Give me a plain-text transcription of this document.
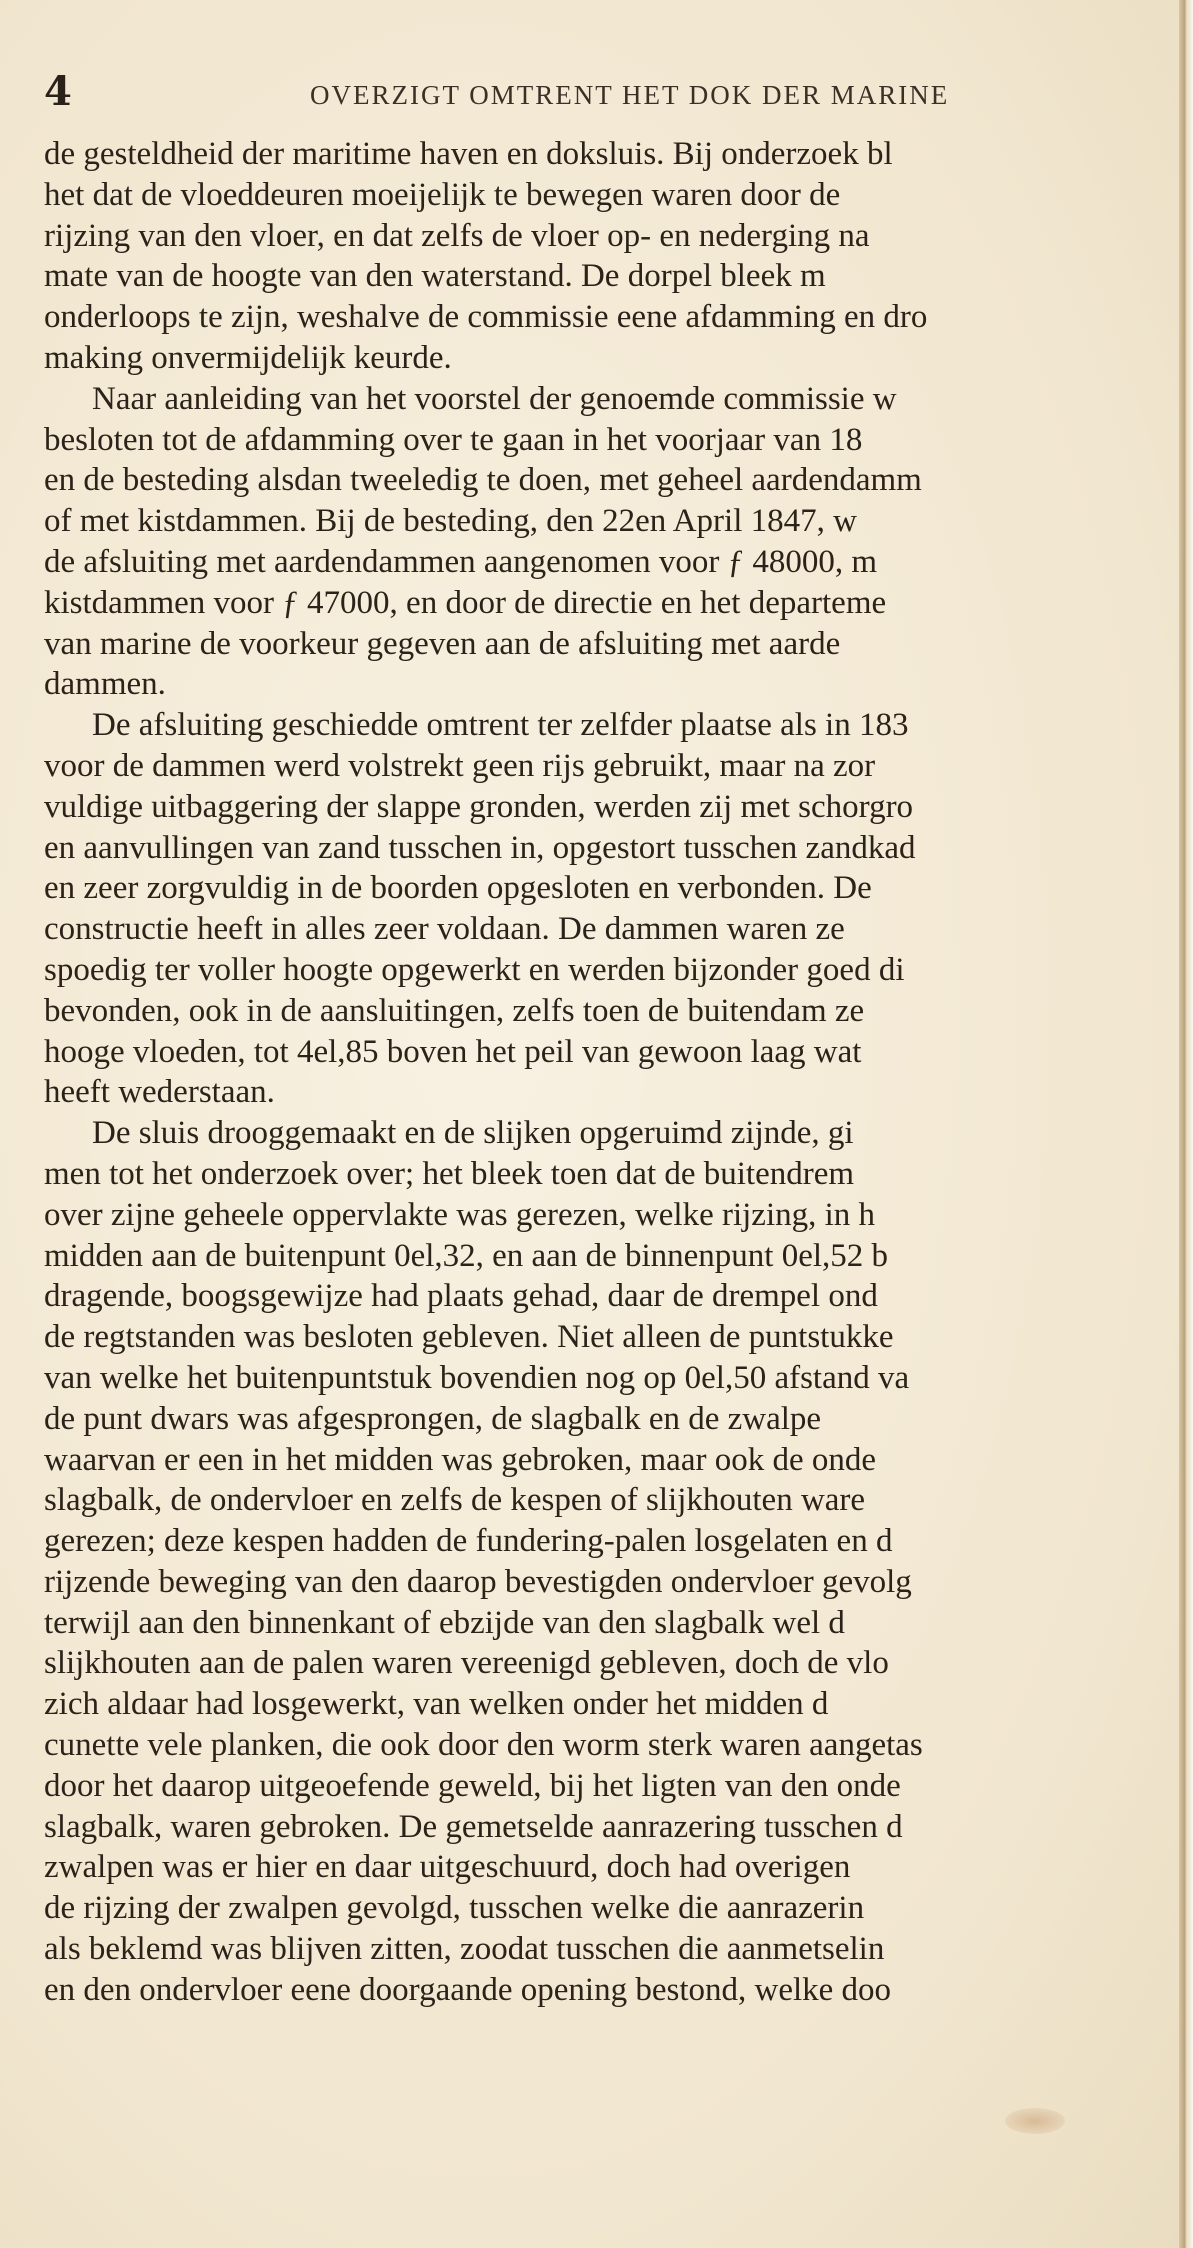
4	OVERZIGT OMTRENT HET DOK DER MARINE
de gesteldheid der maritime haven en doksluis. Bij onderzoek bl
het dat de vloeddeuren moeijelijk te bewegen waren door de
rijzing van den vloer, en dat zelfs de vloer op- en nederging na
mate van de hoogte van den waterstand. De dorpel bleek m
onderloops te zijn, weshalve de commissie eene afdamming en dro
making onvermijdelijk keurde.
Naar aanleiding van het voorstel der genoemde commissie w
besloten tot de afdamming over te gaan in het voorjaar van 18
en de besteding alsdan tweeledig te doen, met geheel aardendamm
of met kistdammen. Bij de besteding, den 22en April 1847, w
de afsluiting met aardendammen aangenomen voor ƒ 48000, m
kistdammen voor ƒ 47000, en door de directie en het departeme
van marine de voorkeur gegeven aan de afsluiting met aarde
dammen.
De afsluiting geschiedde omtrent ter zelfder plaatse als in 183
voor de dammen werd volstrekt geen rijs gebruikt, maar na zor
vuldige uitbaggering der slappe gronden, werden zij met schorgro
en aanvullingen van zand tusschen in, opgestort tusschen zandkad
en zeer zorgvuldig in de boorden opgesloten en verbonden. De
constructie heeft in alles zeer voldaan. De dammen waren ze
spoedig ter voller hoogte opgewerkt en werden bijzonder goed di
bevonden, ook in de aansluitingen, zelfs toen de buitendam ze
hooge vloeden, tot 4el,85 boven het peil van gewoon laag wat
heeft wederstaan.
De sluis drooggemaakt en de slijken opgeruimd zijnde, gi
men tot het onderzoek over; het bleek toen dat de buitendrem
over zijne geheele oppervlakte was gerezen, welke rijzing, in h
midden aan de buitenpunt 0el,32, en aan de binnenpunt 0el,52 b
dragende, boogsgewijze had plaats gehad, daar de drempel ond
de regtstanden was besloten gebleven. Niet alleen de puntstukke
van welke het buitenpuntstuk bovendien nog op 0el,50 afstand va
de punt dwars was afgesprongen, de slagbalk en de zwalpe
waarvan er een in het midden was gebroken, maar ook de onde
slagbalk, de ondervloer en zelfs de kespen of slijkhouten ware
gerezen; deze kespen hadden de fundering-palen losgelaten en d
rijzende beweging van den daarop bevestigden ondervloer gevolg
terwijl aan den binnenkant of ebzijde van den slagbalk wel d
slijkhouten aan de palen waren vereenigd gebleven, doch de vlo
zich aldaar had losgewerkt, van welken onder het midden d
cunette vele planken, die ook door den worm sterk waren aangetas
door het daarop uitgeoefende geweld, bij het ligten van den onde
slagbalk, waren gebroken. De gemetselde aanrazering tusschen d
zwalpen was er hier en daar uitgeschuurd, doch had overigen
de rijzing der zwalpen gevolgd, tusschen welke die aanrazerin
als beklemd was blijven zitten, zoodat tusschen die aanmetselin
en den ondervloer eene doorgaande opening bestond, welke doo
